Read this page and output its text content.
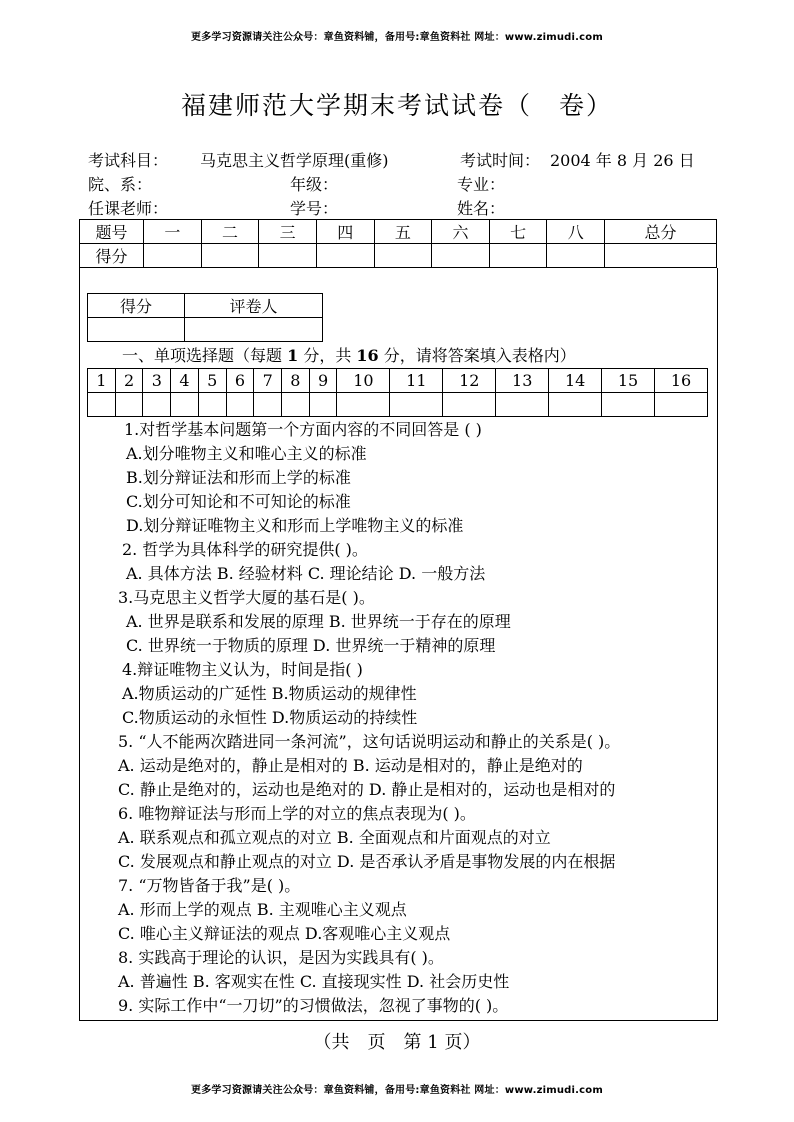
更多学习资源请关注公众号：章鱼资料铺，备用号:章鱼资料社 网址：www.zimudi.com
福建师范大学期末考试试卷（　卷）
考试科目： 马克思主义哲学原理(重修)	考试时间： 2004 年 8 月 26 日
院、系：	年级：	专业：
任课老师：	学号：	姓名：
题号	一	二	三	四	五	六	七	八	总分
得分									
得分	评卷人

一、单项选择题（每题 1 分，共 16 分，请将答案填入表格内）
1	2	3	4	5	6	7	8	9	10	11	12	13	14	15	16

1.对哲学基本问题第一个方面内容的不同回答是 ( )
A.划分唯物主义和唯心主义的标准
B.划分辩证法和形而上学的标准
C.划分可知论和不可知论的标准
D.划分辩证唯物主义和形而上学唯物主义的标准
2. 哲学为具体科学的研究提供( )。
A. 具体方法 B. 经验材料 C. 理论结论 D. 一般方法
3.马克思主义哲学大厦的基石是( )。
A. 世界是联系和发展的原理 B. 世界统一于存在的原理
C. 世界统一于物质的原理 D. 世界统一于精神的原理
4.辩证唯物主义认为，时间是指( )
A.物质运动的广延性 B.物质运动的规律性
C.物质运动的永恒性 D.物质运动的持续性
5. “人不能两次踏进同一条河流”，这句话说明运动和静止的关系是( )。
A. 运动是绝对的，静止是相对的 B. 运动是相对的，静止是绝对的
C. 静止是绝对的，运动也是绝对的 D. 静止是相对的，运动也是相对的
6. 唯物辩证法与形而上学的对立的焦点表现为( )。
A. 联系观点和孤立观点的对立 B. 全面观点和片面观点的对立
C. 发展观点和静止观点的对立 D. 是否承认矛盾是事物发展的内在根据
7. “万物皆备于我”是( )。
A. 形而上学的观点 B. 主观唯心主义观点
C. 唯心主义辩证法的观点 D.客观唯心主义观点
8. 实践高于理论的认识，是因为实践具有( )。
A. 普遍性 B. 客观实在性 C. 直接现实性 D. 社会历史性
9. 实际工作中“一刀切”的习惯做法，忽视了事物的( )。
（共　页　第 1 页）
更多学习资源请关注公众号：章鱼资料铺，备用号:章鱼资料社 网址：www.zimudi.com
